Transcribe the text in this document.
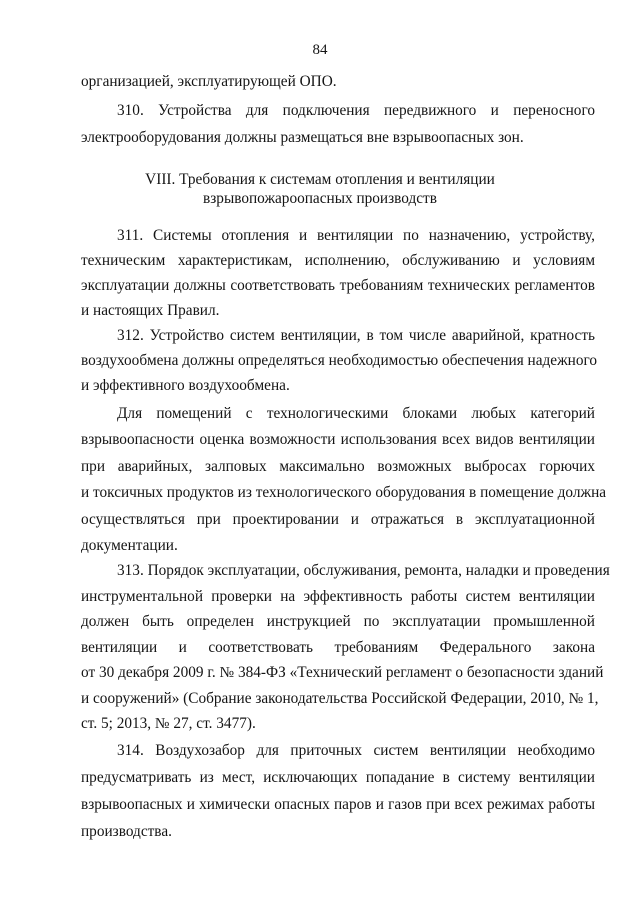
84
организацией, эксплуатирующей ОПО.
310. Устройства для подключения передвижного и переносного
электрооборудования должны размещаться вне взрывоопасных зон.
VIII. Требования к системам отопления и вентиляции
взрывопожароопасных производств
311. Системы отопления и вентиляции по назначению, устройству,
техническим характеристикам, исполнению, обслуживанию и условиям
эксплуатации должны соответствовать требованиям технических регламентов
и настоящих Правил.
312. Устройство систем вентиляции, в том числе аварийной, кратность
воздухообмена должны определяться необходимостью обеспечения надежного
и эффективного воздухообмена.
Для помещений с технологическими блоками любых категорий
взрывоопасности оценка возможности использования всех видов вентиляции
при аварийных, залповых максимально возможных выбросах горючих
и токсичных продуктов из технологического оборудования в помещение должна
осуществляться при проектировании и отражаться в эксплуатационной
документации.
313. Порядок эксплуатации, обслуживания, ремонта, наладки и проведения
инструментальной проверки на эффективность работы систем вентиляции
должен быть определен инструкцией по эксплуатации промышленной
вентиляции и соответствовать требованиям Федерального закона
от 30 декабря 2009 г. № 384-ФЗ «Технический регламент о безопасности зданий
и сооружений» (Собрание законодательства Российской Федерации, 2010, № 1,
ст. 5; 2013, № 27, ст. 3477).
314. Воздухозабор для приточных систем вентиляции необходимо
предусматривать из мест, исключающих попадание в систему вентиляции
взрывоопасных и химически опасных паров и газов при всех режимах работы
производства.
